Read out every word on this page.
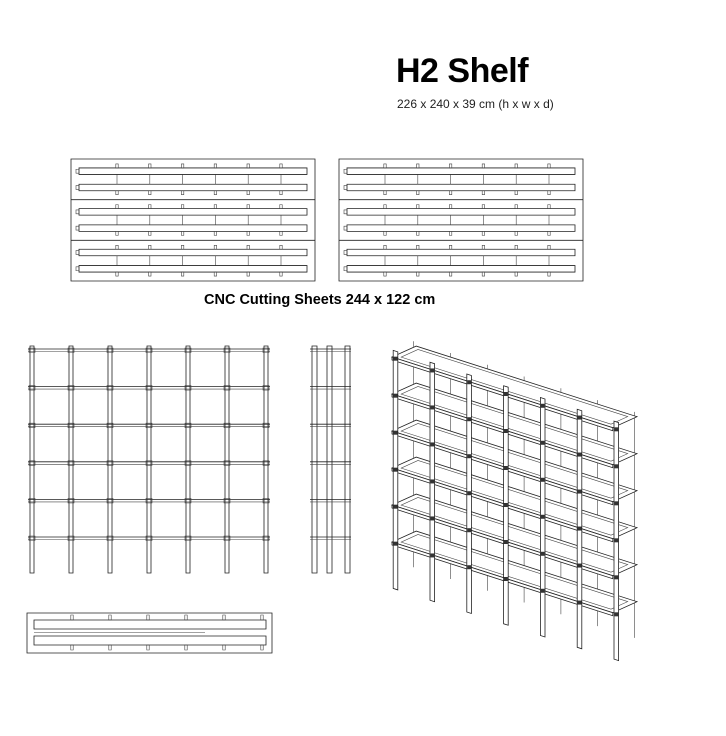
H2 Shelf
226 x 240 x 39 cm (h x w x d)
CNC Cutting Sheets 244 x 122 cm
